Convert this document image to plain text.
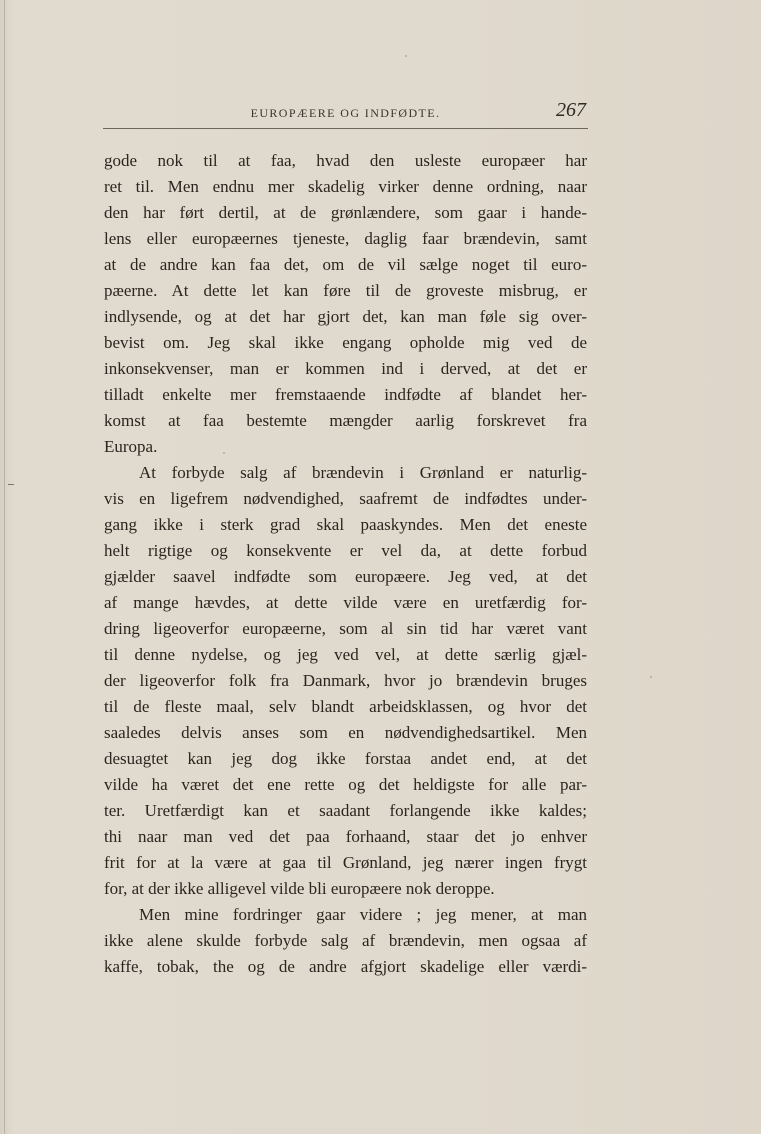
EUROPÆERE OG INDFØDTE.	267
gode nok til at faa, hvad den usleste europæer har
ret til. Men endnu mer skadelig virker denne ordning, naar
den har ført dertil, at de grønlændere, som gaar i hande-
lens eller europæernes tjeneste, daglig faar brændevin, samt
at de andre kan faa det, om de vil sælge noget til euro-
pæerne. At dette let kan føre til de groveste misbrug, er
indlysende, og at det har gjort det, kan man føle sig over-
bevist om. Jeg skal ikke engang opholde mig ved de
inkonsekvenser, man er kommen ind i derved, at det er
tilladt enkelte mer fremstaaende indfødte af blandet her-
komst at faa bestemte mængder aarlig forskrevet fra
Europa.
At forbyde salg af brændevin i Grønland er naturlig-
vis en ligefrem nødvendighed, saafremt de indfødtes under-
gang ikke i sterk grad skal paaskyndes. Men det eneste
helt rigtige og konsekvente er vel da, at dette forbud
gjælder saavel indfødte som europæere. Jeg ved, at det
af mange hævdes, at dette vilde være en uretfærdig for-
dring ligeoverfor europæerne, som al sin tid har været vant
til denne nydelse, og jeg ved vel, at dette særlig gjæl-
der ligeoverfor folk fra Danmark, hvor jo brændevin bruges
til de fleste maal, selv blandt arbeidsklassen, og hvor det
saaledes delvis anses som en nødvendighedsartikel. Men
desuagtet kan jeg dog ikke forstaa andet end, at det
vilde ha været det ene rette og det heldigste for alle par-
ter. Uretfærdigt kan et saadant forlangende ikke kaldes;
thi naar man ved det paa forhaand, staar det jo enhver
frit for at la være at gaa til Grønland, jeg nærer ingen frygt
for, at der ikke alligevel vilde bli europæere nok deroppe.
Men mine fordringer gaar videre ; jeg mener, at man
ikke alene skulde forbyde salg af brændevin, men ogsaa af
kaffe, tobak, the og de andre afgjort skadelige eller værdi-
